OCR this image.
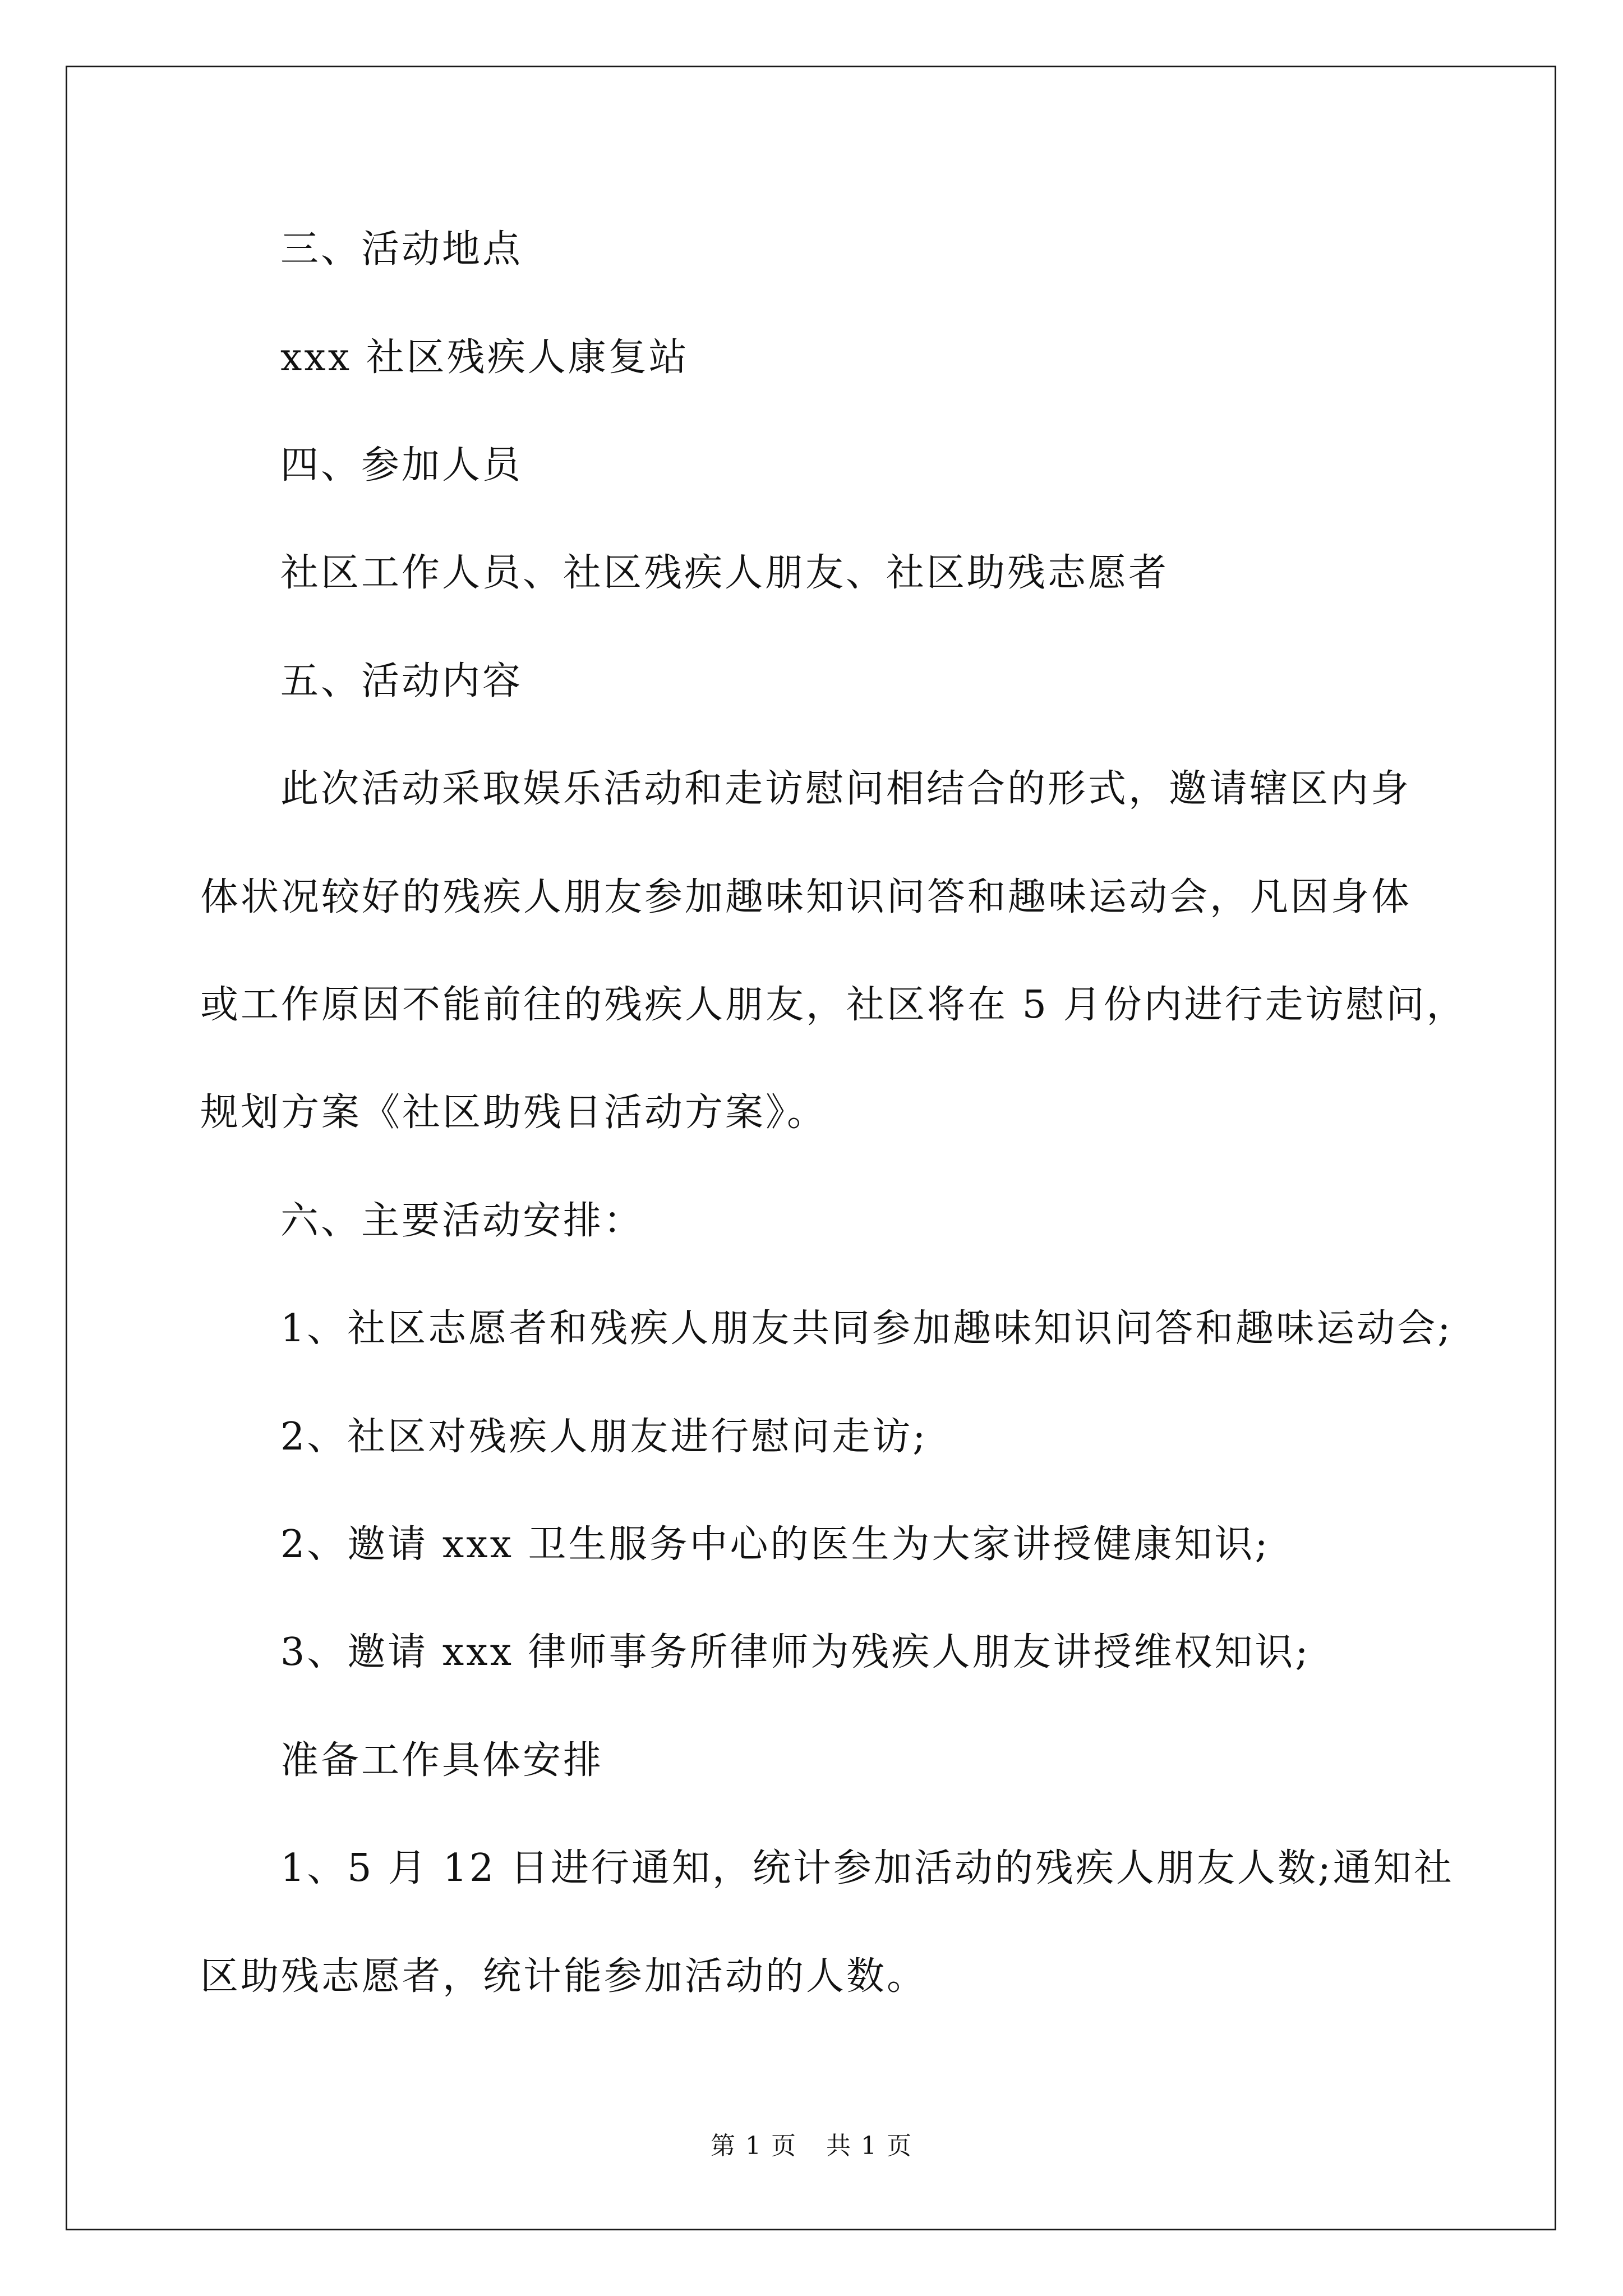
三、活动地点
xxx 社区残疾人康复站
四、参加人员
社区工作人员、社区残疾人朋友、社区助残志愿者
五、活动内容
此次活动采取娱乐活动和走访慰问相结合的形式，邀请辖区内身
体状况较好的残疾人朋友参加趣味知识问答和趣味运动会，凡因身体
或工作原因不能前往的残疾人朋友，社区将在 5 月份内进行走访慰问，
规划方案《社区助残日活动方案》。
六、主要活动安排：
1、社区志愿者和残疾人朋友共同参加趣味知识问答和趣味运动会;
2、社区对残疾人朋友进行慰问走访;
2、邀请 xxx 卫生服务中心的医生为大家讲授健康知识;
3、邀请 xxx 律师事务所律师为残疾人朋友讲授维权知识;
准备工作具体安排
1、5 月 12 日进行通知，统计参加活动的残疾人朋友人数;通知社
区助残志愿者，统计能参加活动的人数。
第 1 页 共 1 页
